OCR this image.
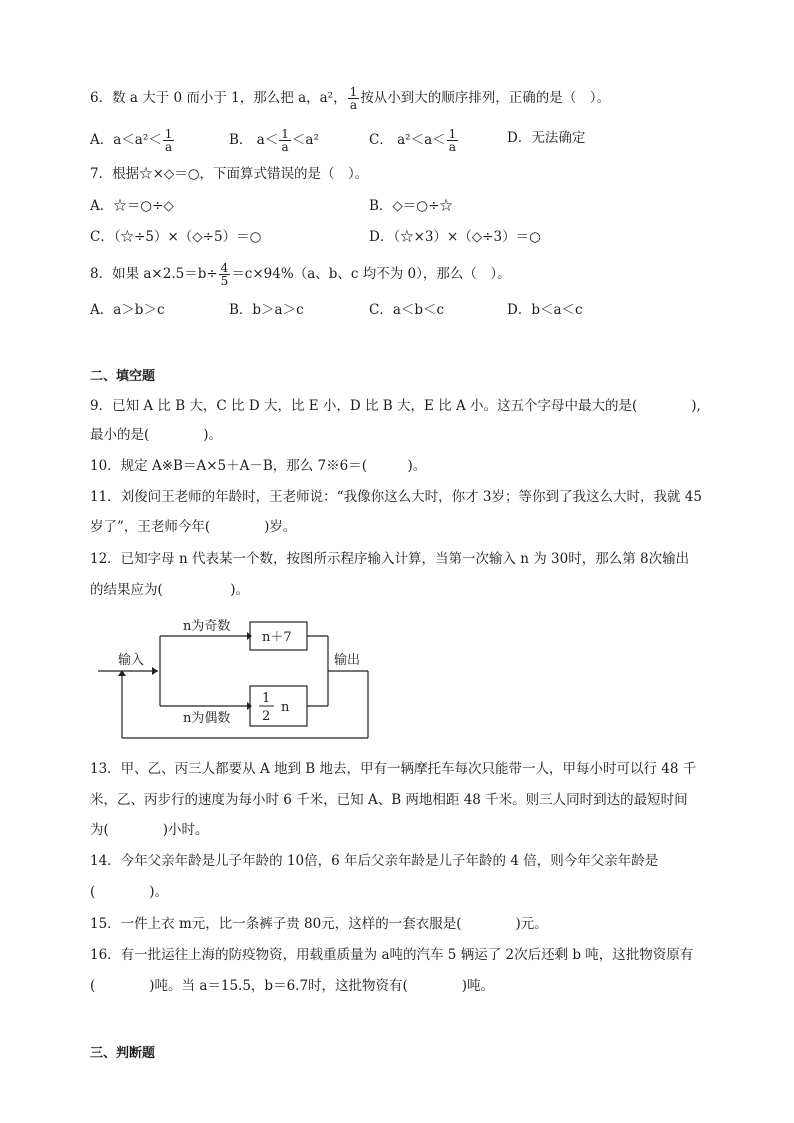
6．数 a 大于 0 而小于 1，那么把 a，a²， $\frac{1}{a}$ 按从小到大的顺序排列，正确的是（　）。
A．$a<a^2< \frac{1}{a}$	B． $a< \frac{1}{a} <a^2$	C． $a^2<a< \frac{1}{a}$	D．无法确定
7．根据☆×◇＝○，下面算式错误的是（　）。
A．☆＝○÷◇	B．◇＝○÷☆
C．（☆÷5）×（◇÷5）＝○	D．（☆×3）×（◇÷3）＝○
8．如果 $a\times 2.5=b\div \frac{4}{5} =c\times 94\%(a$、b、c 均不为 0），那么（　）。
A．a＞b＞c	B．b＞a＞c	C．a＜b＜c	D．b＜a＜c
二、填空题
9．已知 A 比 B 大，C 比 D 大，比 E 小，D 比 B 大，E 比 A 小。这五个字母中最大的是(　　　　),
最小的是(　　　　)。
10．规定 A※B＝A×5＋A－B，那么 7※6＝(　　　)。
11．刘俊问王老师的年龄时，王老师说：“我像你这么大时，你才 3岁；等你到了我这么大时，我就 45
岁了”，王老师今年(　　　　)岁。
12．已知字母 n 代表某一个数，按图所示程序输入计算，当第一次输入 n 为 30时，那么第 8次输出
的结果应为(　　　　　)。
输入	输出
n为奇数
n为偶数
n＋7
1
2
n
13．甲、乙、丙三人都要从 A 地到 B 地去，甲有一辆摩托车每次只能带一人，甲每小时可以行 48 千
米，乙、丙步行的速度为每小时 6 千米，已知 A、B 两地相距 48 千米。则三人同时到达的最短时间
为(　　　　)小时。
14．今年父亲年龄是儿子年龄的 10倍，6 年后父亲年龄是儿子年龄的 4 倍，则今年父亲年龄是
(　　　　)。
15．一件上衣 m元，比一条裤子贵 80元，这样的一套衣服是(　　　　)元。
16．有一批运往上海的防疫物资，用载重质量为 a吨的汽车 5 辆运了 2次后还剩 b 吨，这批物资原有
(　　　　)吨。当 a＝15.5，b＝6.7时，这批物资有(　　　　)吨。
三、判断题
